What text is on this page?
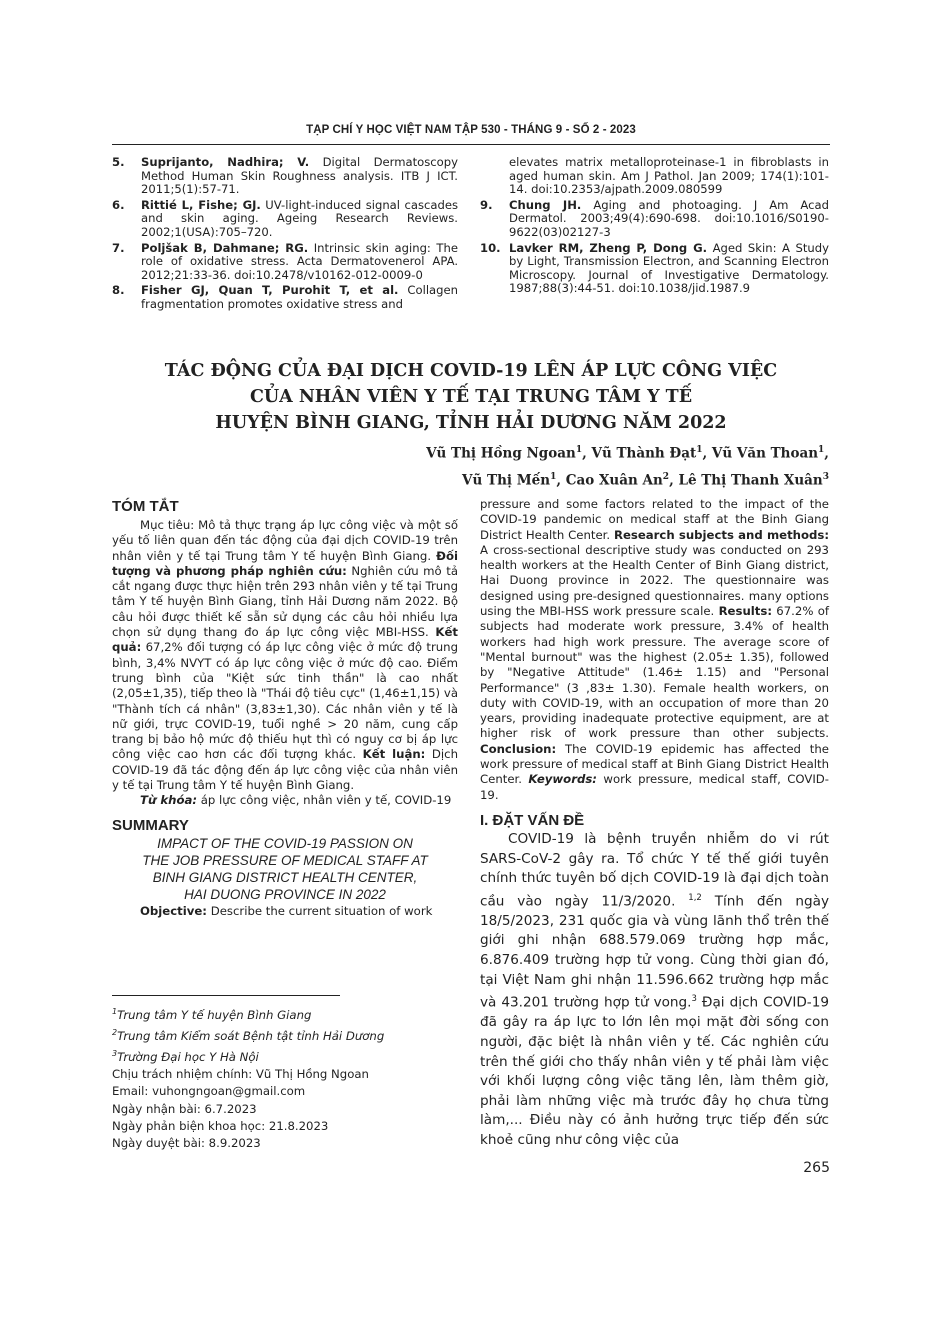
TẠP CHÍ Y HỌC VIỆT NAM TẬP 530 - THÁNG 9 - SỐ 2 - 2023

5. Suprijanto, Nadhira; V. Digital Dermatoscopy Method Human Skin Roughness analysis. ITB J ICT. 2011;5(1):57-71.

6. Rittié L, Fishe; GJ. UV-light-induced signal cascades and skin aging. Ageing Research Reviews. 2002;1(USA):705–720.

7. Poljšak B, Dahmane; RG. Intrinsic skin aging: The role of oxidative stress. Acta Dermatovenerol APA. 2012;21:33-36. doi:10.2478/v10162-012-0009-0

8. Fisher GJ, Quan T, Purohit T, et al. Collagen fragmentation promotes oxidative stress and

elevates matrix metalloproteinase-1 in fibroblasts in aged human skin. Am J Pathol. Jan 2009; 174(1):101-14. doi:10.2353/ajpath.2009.080599

9. Chung JH. Aging and photoaging. J Am Acad Dermatol. 2003;49(4):690-698. doi:10.1016/S0190-9622(03)02127-3

10. Lavker RM, Zheng P, Dong G. Aged Skin: A Study by Light, Transmission Electron, and Scanning Electron Microscopy. Journal of Investigative Dermatology. 1987;88(3):44-51. doi:10.1038/jid.1987.9

TÁC ĐỘNG CỦA ĐẠI DỊCH COVID-19 LÊN ÁP LỰC CÔNG VIỆC
CỦA NHÂN VIÊN Y TẾ TẠI TRUNG TÂM Y TẾ
HUYỆN BÌNH GIANG, TỈNH HẢI DƯƠNG NĂM 2022
Vũ Thị Hồng Ngoan$^1$, Vũ Thành Đạt$^1$, Vũ Văn Thoan$^1$,
Vũ Thị Mến$^1$, Cao Xuân An$^2$, Lê Thị Thanh Xuân$^3$
TÓM TẮT

Mục tiêu: Mô tả thực trạng áp lực công việc và một số yếu tố liên quan đến tác động của đại dịch COVID-19 trên nhân viên y tế tại Trung tâm Y tế huyện Bình Giang. Đối tượng và phương pháp nghiên cứu: Nghiên cứu mô tả cắt ngang được thực hiện trên 293 nhân viên y tế tại Trung tâm Y tế huyện Bình Giang, tỉnh Hải Dương năm 2022. Bộ câu hỏi được thiết kế sẵn sử dụng các câu hỏi nhiều lựa chọn sử dụng thang đo áp lực công việc MBI-HSS. Kết quả: 67,2% đối tượng có áp lực công việc ở mức độ trung bình, 3,4% NVYT có áp lực công việc ở mức độ cao. Điểm trung bình của "Kiệt sức tinh thần" là cao nhất (2,05±1,35), tiếp theo là "Thái độ tiêu cực" (1,46±1,15) và "Thành tích cá nhân" (3,83±1,30). Các nhân viên y tế là nữ giới, trực COVID-19, tuổi nghề > 20 năm, cung cấp trang bị bảo hộ mức độ thiếu hụt thì có nguy cơ bị áp lực công việc cao hơn các đối tượng khác. Kết luận: Dịch COVID-19 đã tác động đến áp lực công việc của nhân viên y tế tại Trung tâm Y tế huyện Bình Giang.

Từ khóa: áp lực công việc, nhân viên y tế, COVID-19

SUMMARY
IMPACT OF THE COVID-19 PASSION ON
THE JOB PRESSURE OF MEDICAL STAFF AT
BINH GIANG DISTRICT HEALTH CENTER,
HAI DUONG PROVINCE IN 2022

Objective: Describe the current situation of work

pressure and some factors related to the impact of the COVID-19 pandemic on medical staff at the Binh Giang District Health Center. Research subjects and methods: A cross-sectional descriptive study was conducted on 293 health workers at the Health Center of Binh Giang district, Hai Duong province in 2022. The questionnaire was designed using pre-designed questionnaires. many options using the MBI-HSS work pressure scale. Results: 67.2% of subjects had moderate work pressure, 3.4% of health workers had high work pressure. The average score of "Mental burnout" was the highest (2.05± 1.35), followed by "Negative Attitude" (1.46± 1.15) and "Personal Performance" (3 ,83± 1.30). Female health workers, on duty with COVID-19, with an occupation of more than 20 years, providing inadequate protective equipment, are at higher risk of work pressure than other subjects. Conclusion: The COVID-19 epidemic has affected the work pressure of medical staff at Binh Giang District Health Center. Keywords: work pressure, medical staff, COVID-19.

I. ĐẶT VẤN ĐỀ

COVID-19 là bệnh truyền nhiễm do vi rút SARS-CoV-2 gây ra. Tổ chức Y tế thế giới tuyên chính thức tuyên bố dịch COVID-19 là đại dịch toàn cầu vào ngày 11/3/2020. $^{1,2}$ Tính đến ngày 18/5/2023, 231 quốc gia và vùng lãnh thổ trên thế giới ghi nhận 688.579.069 trường hợp mắc, 6.876.409 trường hợp tử vong. Cùng thời gian đó, tại Việt Nam ghi nhận 11.596.662 trường hợp mắc và 43.201 trường hợp tử vong.$^3$ Đại dịch COVID-19 đã gây ra áp lực to lớn lên mọi mặt đời sống con người, đặc biệt là nhân viên y tế. Các nghiên cứu trên thế giới cho thấy nhân viên y tế phải làm việc với khối lượng công việc tăng lên, làm thêm giờ, phải làm những việc mà trước đây họ chưa từng làm,... Điều này có ảnh hưởng trực tiếp đến sức khoẻ cũng như công việc của

$^1$Trung tâm Y tế huyện Bình Giang

$^2$Trung tâm Kiểm soát Bệnh tật tỉnh Hải Dương

$^3$Trường Đại học Y Hà Nội

Chịu trách nhiệm chính: Vũ Thị Hồng Ngoan

Email: vuhongngoan@gmail.com

Ngày nhận bài: 6.7.2023

Ngày phản biện khoa học: 21.8.2023

Ngày duyệt bài: 8.9.2023

265
